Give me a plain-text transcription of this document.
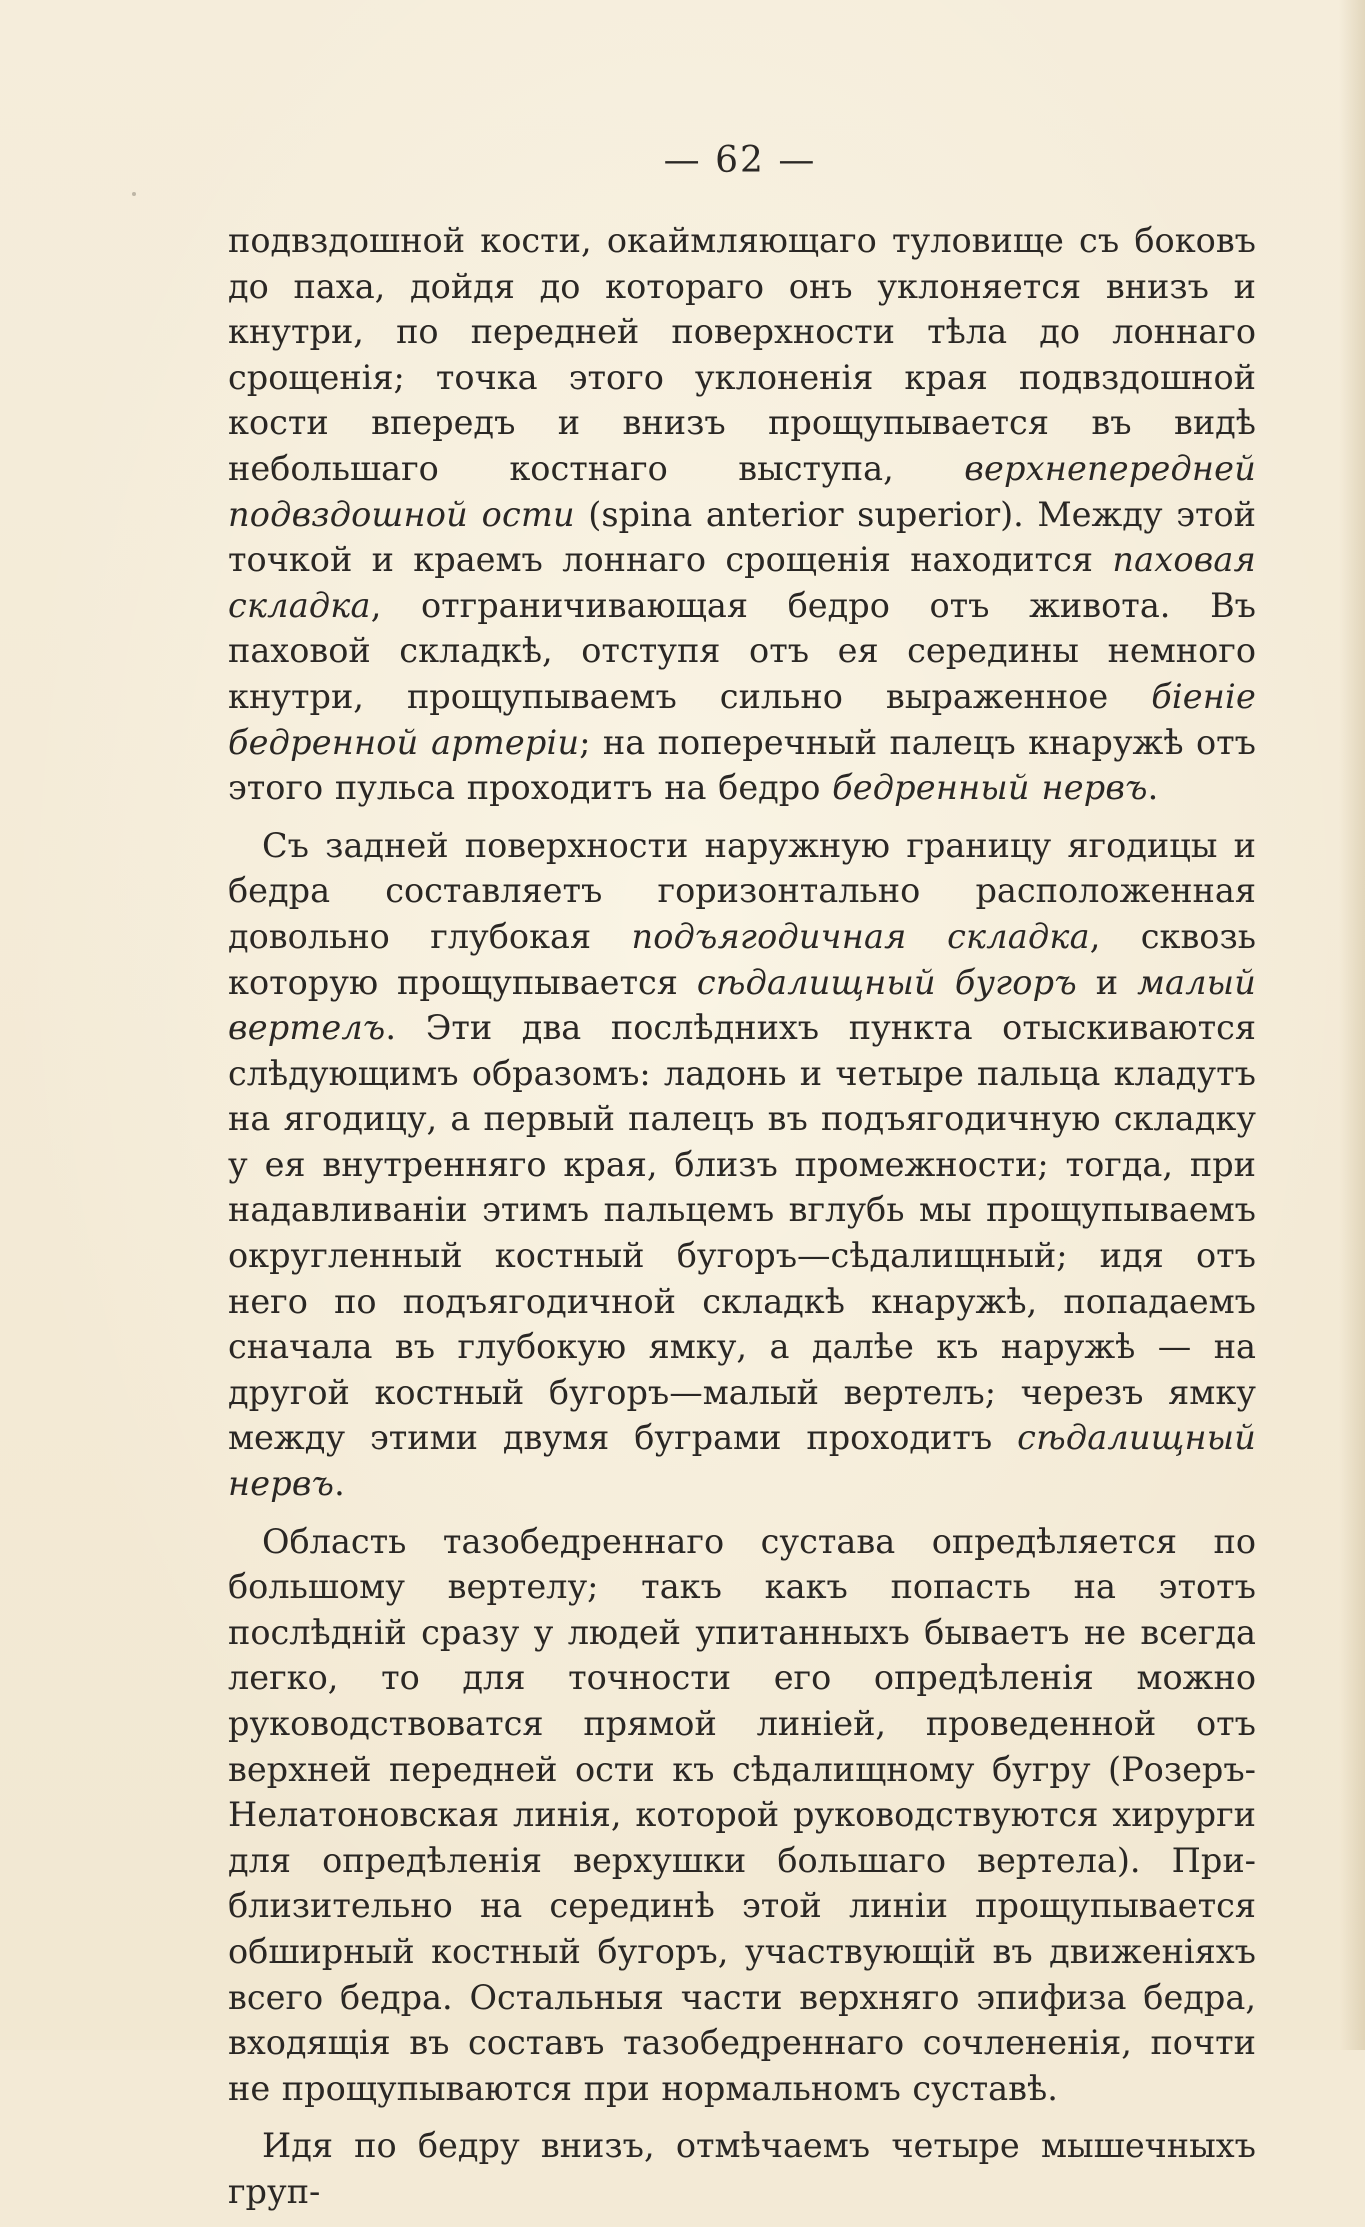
— 62 —

подвздошной кости, окаймляющаго туловище съ боковъ до паха, дойдя до котораго онъ уклоняется внизъ и кнутри, по передней поверхности тѣла до лоннаго срощенія; точка этого уклоненія края подвздошной кости впередъ и внизъ прощупывается въ видѣ небольшаго костнаго выступа, верхнепередней подвздошной ости (spina anterior superior). Между этой точкой и краемъ лоннаго срощенія находится паховая складка, отграничивающая бедро отъ живота. Въ паховой складкѣ, отступя отъ ея середины немного кнутри, прощупываемъ сильно выраженное біеніе бедренной артеріи; на поперечный палецъ кнаружѣ отъ этого пульса проходитъ на бедро бедренный нервъ.

Съ задней поверхности наружную границу ягодицы и бедра составляетъ горизонтально расположенная довольно глубокая подъягодичная складка, сквозь которую прощупывается сѣдалищный бугоръ и малый вертелъ. Эти два послѣднихъ пункта отыскиваются слѣдующимъ образомъ: ладонь и четыре пальца кладутъ на ягодицу, а первый палецъ въ подъягодичную складку у ея внутренняго края, близъ промежности; тогда, при надавливаніи этимъ пальцемъ вглубь мы прощупываемъ округленный костный бугоръ—сѣдалищный; идя отъ него по подъягодичной складкѣ кнаружѣ, попадаемъ сначала въ глубокую ямку, а далѣе къ наружѣ — на другой костный бугоръ—малый вертелъ; черезъ ямку между этими двумя буграми проходитъ сѣдалищный нервъ.

Область тазобедреннаго сустава опредѣляется по большому вертелу; такъ какъ попасть на этотъ послѣдній сразу у людей упитанныхъ бываетъ не всегда легко, то для точности его опредѣленія можно руководствоватся прямой линіей, проведенной отъ верхней передней ости къ сѣдалищному бугру (Розеръ-Нелатоновская линія, которой руководствуются хирурги для опредѣленія верхушки большаго вертела). Приблизительно на серединѣ этой линіи прощупывается обширный костный бугоръ, участвующій въ движеніяхъ всего бедра. Остальныя части верхняго эпифиза бедра, входящія въ составъ тазобедреннаго сочлененія, почти не прощупываются при нормальномъ суставѣ.

Идя по бедру внизъ, отмѣчаемъ четыре мышечныхъ груп-
